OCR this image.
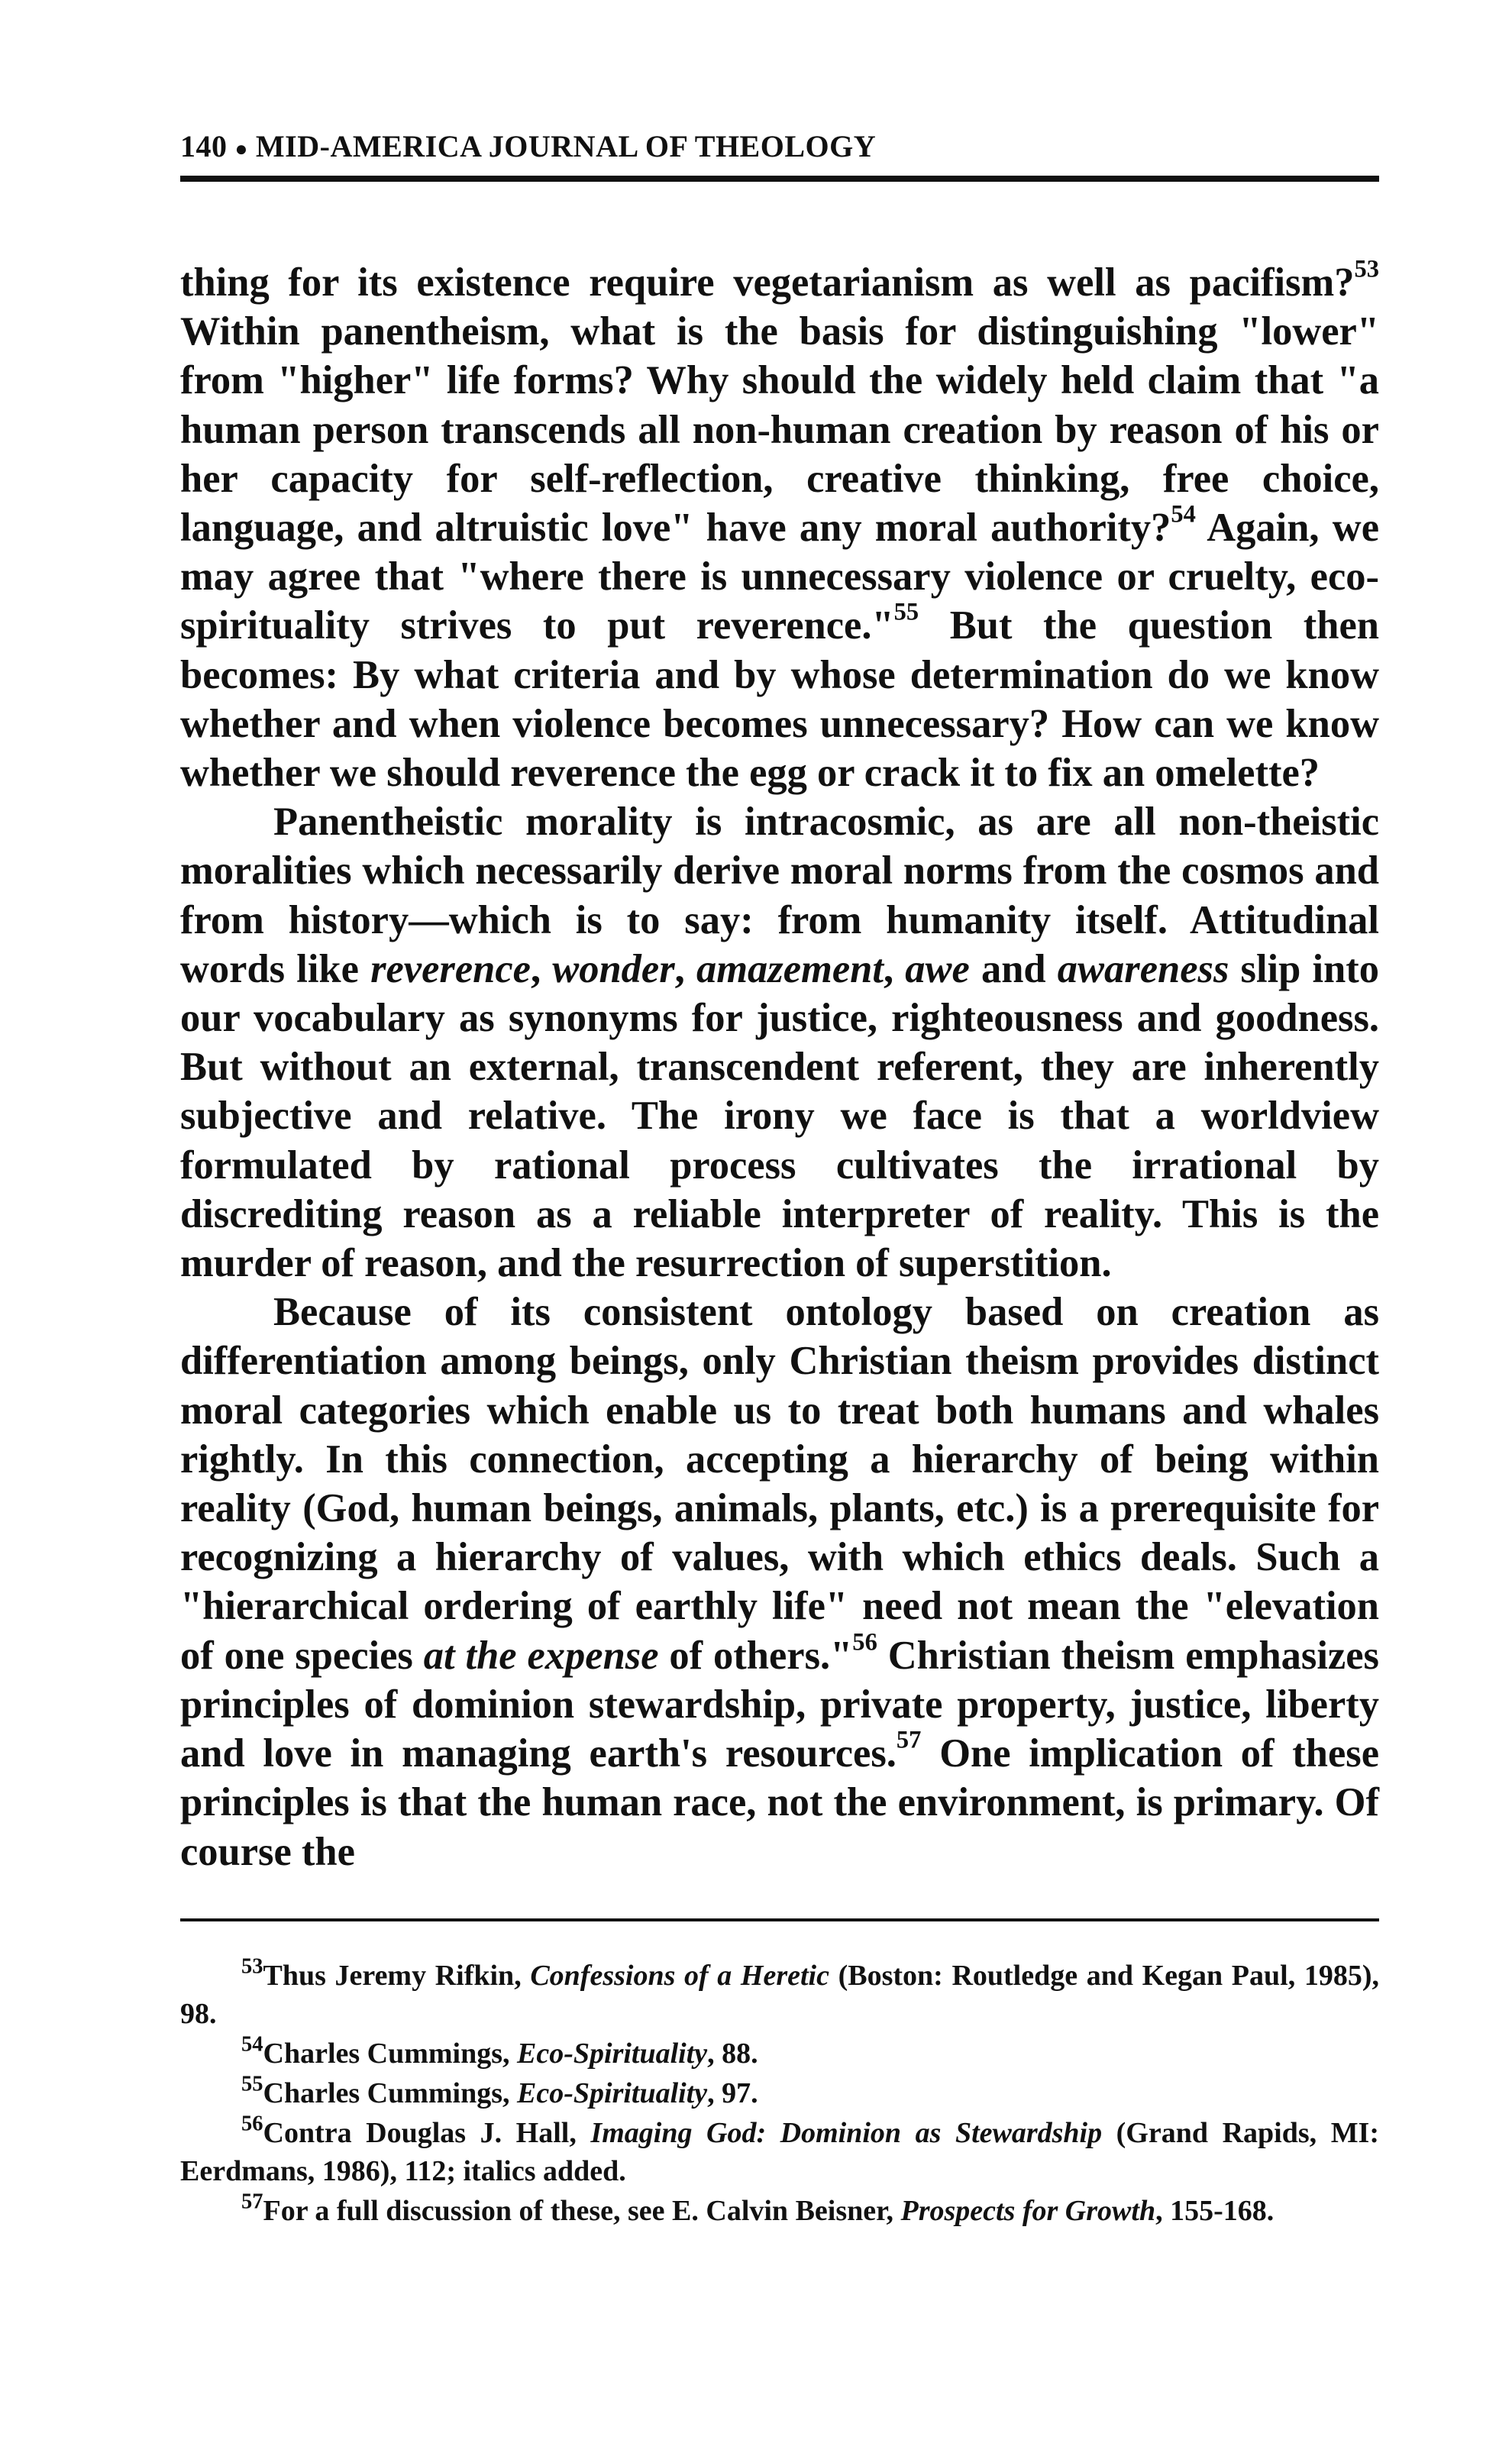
140 ● MID-AMERICA JOURNAL OF THEOLOGY

thing for its existence require vegetarianism as well as pacifism?$^{53}$ Within panentheism, what is the basis for distinguishing "lower" from "higher" life forms? Why should the widely held claim that "a human person transcends all non-human creation by reason of his or her capacity for self-reflection, creative thinking, free choice, language, and altruistic love" have any moral authority?$^{54}$ Again, we may agree that "where there is unnecessary violence or cruelty, eco-spirituality strives to put reverence."$^{55}$ But the question then becomes: By what criteria and by whose determination do we know whether and when violence becomes unnecessary? How can we know whether we should reverence the egg or crack it to fix an omelette?

Panentheistic morality is intracosmic, as are all non-theistic moralities which necessarily derive moral norms from the cosmos and from history—which is to say: from humanity itself. Attitudinal words like reverence, wonder, amazement, awe and awareness slip into our vocabulary as synonyms for justice, righteousness and goodness. But without an external, transcendent referent, they are inherently subjective and relative. The irony we face is that a worldview formulated by rational process cultivates the irrational by discrediting reason as a reliable interpreter of reality. This is the murder of reason, and the resurrection of superstition.

Because of its consistent ontology based on creation as differentiation among beings, only Christian theism provides distinct moral categories which enable us to treat both humans and whales rightly. In this connection, accepting a hierarchy of being within reality (God, human beings, animals, plants, etc.) is a prerequisite for recognizing a hierarchy of values, with which ethics deals. Such a "hierarchical ordering of earthly life" need not mean the "elevation of one species at the expense of others."$^{56}$ Christian theism emphasizes principles of dominion stewardship, private property, justice, liberty and love in managing earth's resources.$^{57}$ One implication of these principles is that the human race, not the environment, is primary. Of course the

$^{53}$Thus Jeremy Rifkin, Confessions of a Heretic (Boston: Routledge and Kegan Paul, 1985), 98.

$^{54}$Charles Cummings, Eco-Spirituality, 88.

$^{55}$Charles Cummings, Eco-Spirituality, 97.

$^{56}$Contra Douglas J. Hall, Imaging God: Dominion as Stewardship (Grand Rapids, MI: Eerdmans, 1986), 112; italics added.

$^{57}$For a full discussion of these, see E. Calvin Beisner, Prospects for Growth, 155-168.
